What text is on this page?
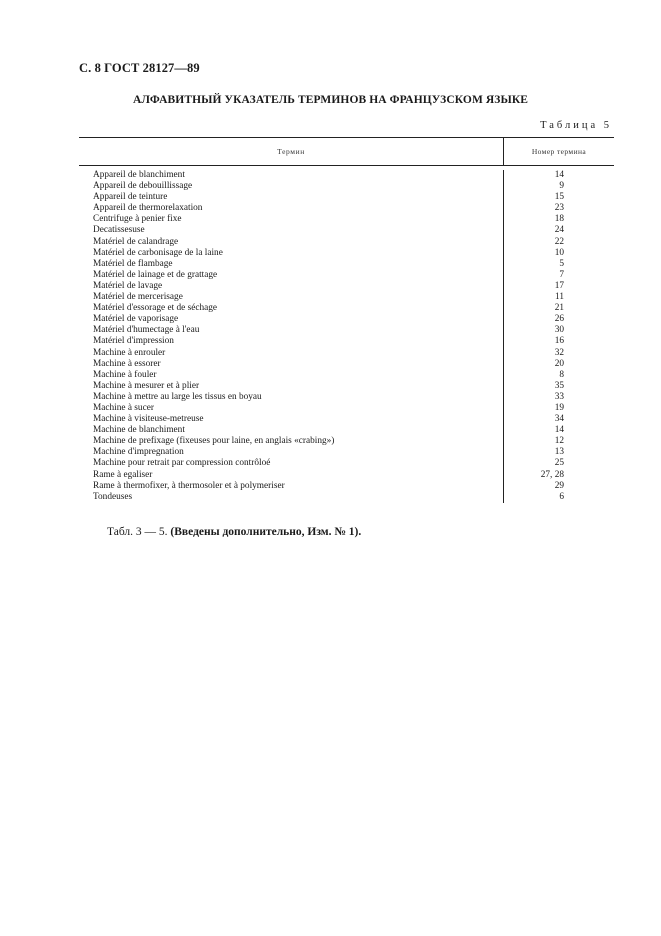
С. 8 ГОСТ 28127—89
АЛФАВИТНЫЙ УКАЗАТЕЛЬ ТЕРМИНОВ НА ФРАНЦУЗСКОМ ЯЗЫКЕ
Таблица 5
Термин	Номер термина
Appareil de blanchiment
Appareil de debouillissage
Appareil de teinture
Appareil de thermorelaxation
Centrifuge à penier fixe
Decatissesuse
Matériel de calandrage
Matériel de carbonisage de la laine
Matériel de flambage
Matériel de lainage et de grattage
Matériel de lavage
Matériel de mercerisage
Matériel d'essorage et de séchage
Matériel de vaporisage
Matériel d'humectage à l'eau
Matériel d'impression
Machine à enrouler
Machine à essorer
Machine à fouler
Machine à mesurer et à plier
Machine à mettre au large les tissus en boyau
Machine à sucer
Machine à visiteuse-metreuse
Machine de blanchiment
Machine de prefixage (fixeuses pour laine, en anglais «crabing»)
Machine d'impregnation
Machine pour retrait par compression contrôloé
Rame à egaliser
Rame à thermofixer, à thermosoler et à polymeriser
Tondeuses
14
9
15
23
18
24
22
10
5
7
17
11
21
26
30
16
32
20
8
35
33
19
34
14
12
13
25
27, 28
29
6
Табл. 3 — 5. (Введены дополнительно, Изм. № 1).
